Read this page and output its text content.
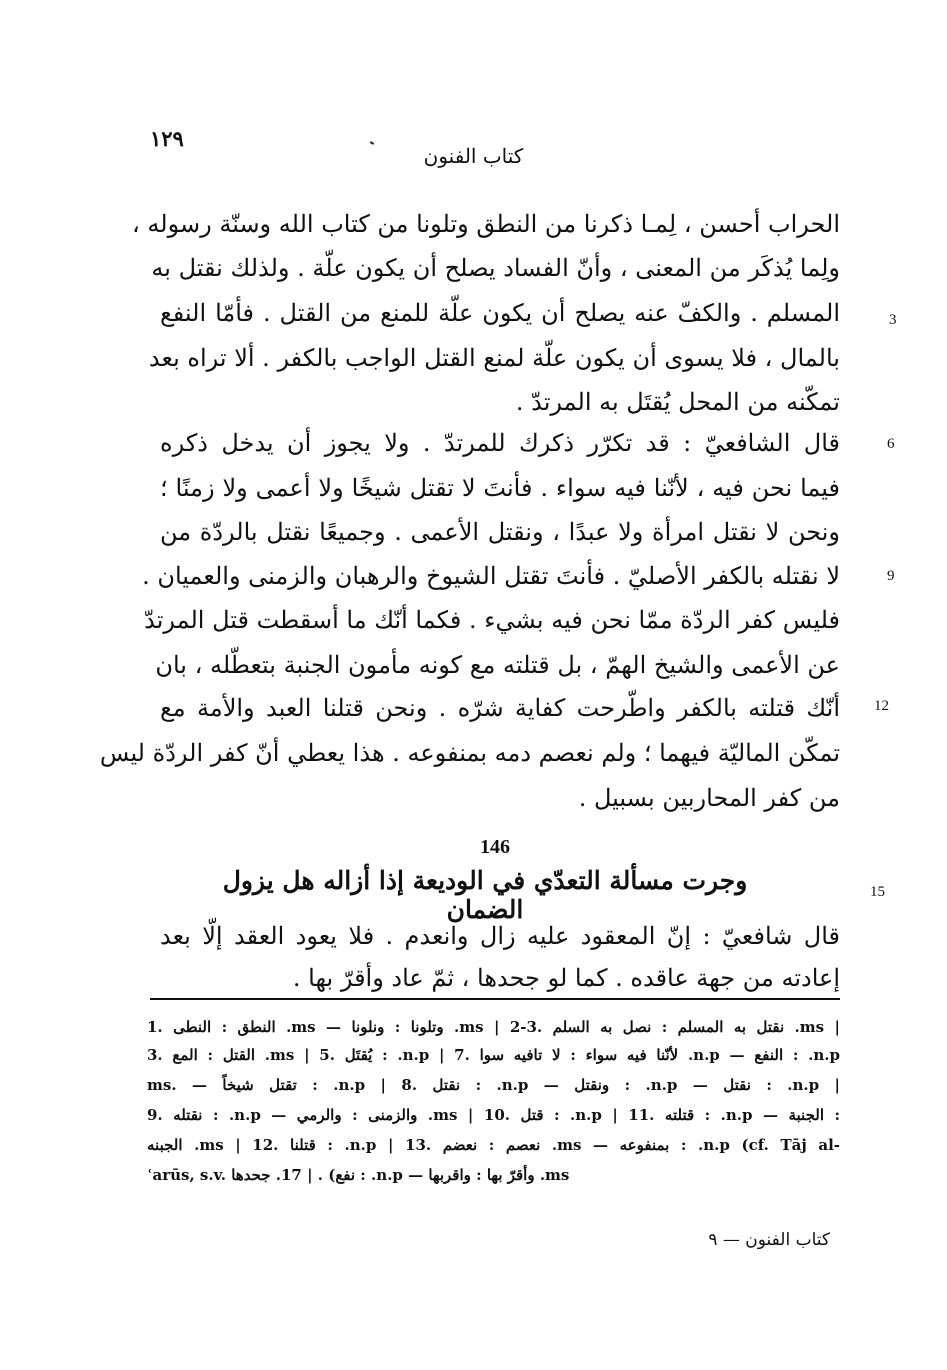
١٢٩
كتاب الفنون
الحراب أحسن ، لِمـا ذكرنا من النطق وتلونا من كتاب الله وسنّة رسوله ،
ولِما يُذكَر من المعنى ، وأنّ الفساد يصلح أن يكون علّة . ولذلك نقتل به
المسلم . والكفّ عنه يصلح أن يكون علّة للمنع من القتل . فأمّا النفع
بالمال ، فلا يسوى أن يكون علّة لمنع القتل الواجب بالكفر . ألا تراه بعد
تمكّنه من المحل يُقتَل به المرتدّ .
قال الشافعيّ : قد تكرّر ذكرك للمرتدّ . ولا يجوز أن يدخل ذكره
فيما نحن فيه ، لأنّنا فيه سواء . فأنتَ لا تقتل شيخًا ولا أعمى ولا زمنًا ؛
ونحن لا نقتل امرأة ولا عبدًا ، ونقتل الأعمى . وجميعًا نقتل بالردّة من
لا نقتله بالكفر الأصليّ . فأنتَ تقتل الشيوخ والرهبان والزمنى والعميان .
فليس كفر الردّة ممّا نحن فيه بشيء . فكما أنّك ما أسقطت قتل المرتدّ
عن الأعمى والشيخ الهمّ ، بل قتلته مع كونه مأمون الجنبة بتعطّله ، بان
أنّك قتلته بالكفر واطّرحت كفاية شرّه . ونحن قتلنا العبد والأمة مع
تمكّن الماليّة فيهما ؛ ولم نعصم دمه بمنفوعه . هذا يعطي أنّ كفر الردّة ليس
من كفر المحاربين بسبيل .
3
6
9
12
146
وجرت مسألة التعدّي في الوديعة إذا أزاله هل يزول الضمان
15
قال شافعيّ : إنّ المعقود عليه زال وانعدم . فلا يعود العقد إلّا بعد
إعادته من جهة عاقده . كما لو جحدها ، ثمّ عاد وأقرّ بها .
1. النطق : النطى .ms — وتلونا : ونلونا .ms | 2-3. نقتل به المسلم : نصل به السلم .ms |
3. القتل : المع .ms | 5. يُقتَل : .n.p | 7. لأنّنا فيه سواء : لا تافيه سوا .n.p — النفع : .n.p
ms. — تقتل شيخاً : .n.p | 8. نقتل : .n.p — ونقتل : .n.p — نقتل : .n.p |
9. نقتله : .n.p — والزمنى : والرمي .ms | 10. قتل : .n.p | 11. قتلته : .n.p — الجنبة :
الجبنه .ms | 12. قتلنا : .n.p | 13. نعصم : نعضم .ms — بمنفوعه : .n.p (cf. Tāj al-
ʿarūs, s.v. نفع) . | 17. جحدها : .n.p — وأقرّ بها : واقربها .ms
كتاب الفنون — ٩
